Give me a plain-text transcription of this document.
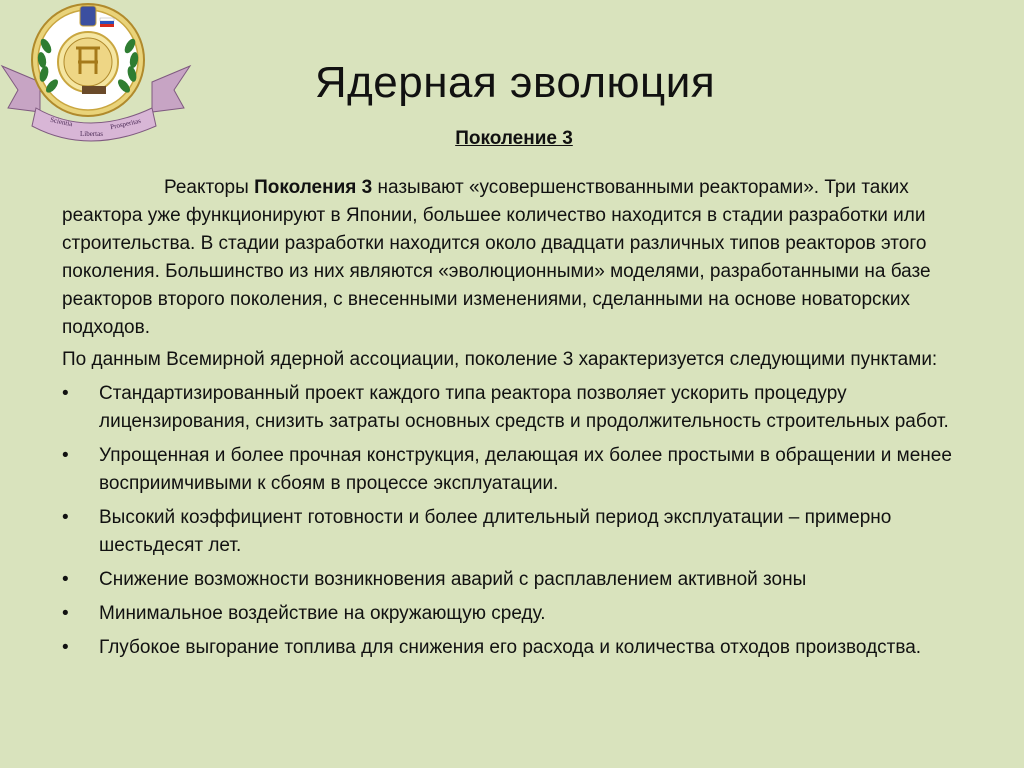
Scientia
Libertas
Prosperitas
Ядерная эволюция
Поколение 3

Реакторы Поколения 3 называют «усовершенствованными реакторами». Три таких реактора уже функционируют в Японии, большее количество находится в стадии разработки или строительства. В стадии разработки находится около двадцати различных типов реакторов этого поколения. Большинство из них являются «эволюционными» моделями, разработанными на базе реакторов второго поколения, с внесенными изменениями, сделанными на основе новаторских подходов.

По данным Всемирной ядерной ассоциации, поколение 3 характеризуется следующими пунктами:

• Стандартизированный проект каждого типа реактора позволяет ускорить процедуру лицензирования, снизить затраты основных средств и продолжительность строительных работ.
• Упрощенная и более прочная конструкция, делающая их более простыми в обращении и менее восприимчивыми к сбоям в процессе эксплуатации.
• Высокий коэффициент готовности и более длительный период эксплуатации – примерно шестьдесят лет.
• Снижение возможности возникновения аварий с расплавлением активной зоны
• Минимальное воздействие на окружающую среду.
• Глубокое выгорание топлива для снижения его расхода и количества отходов производства.
